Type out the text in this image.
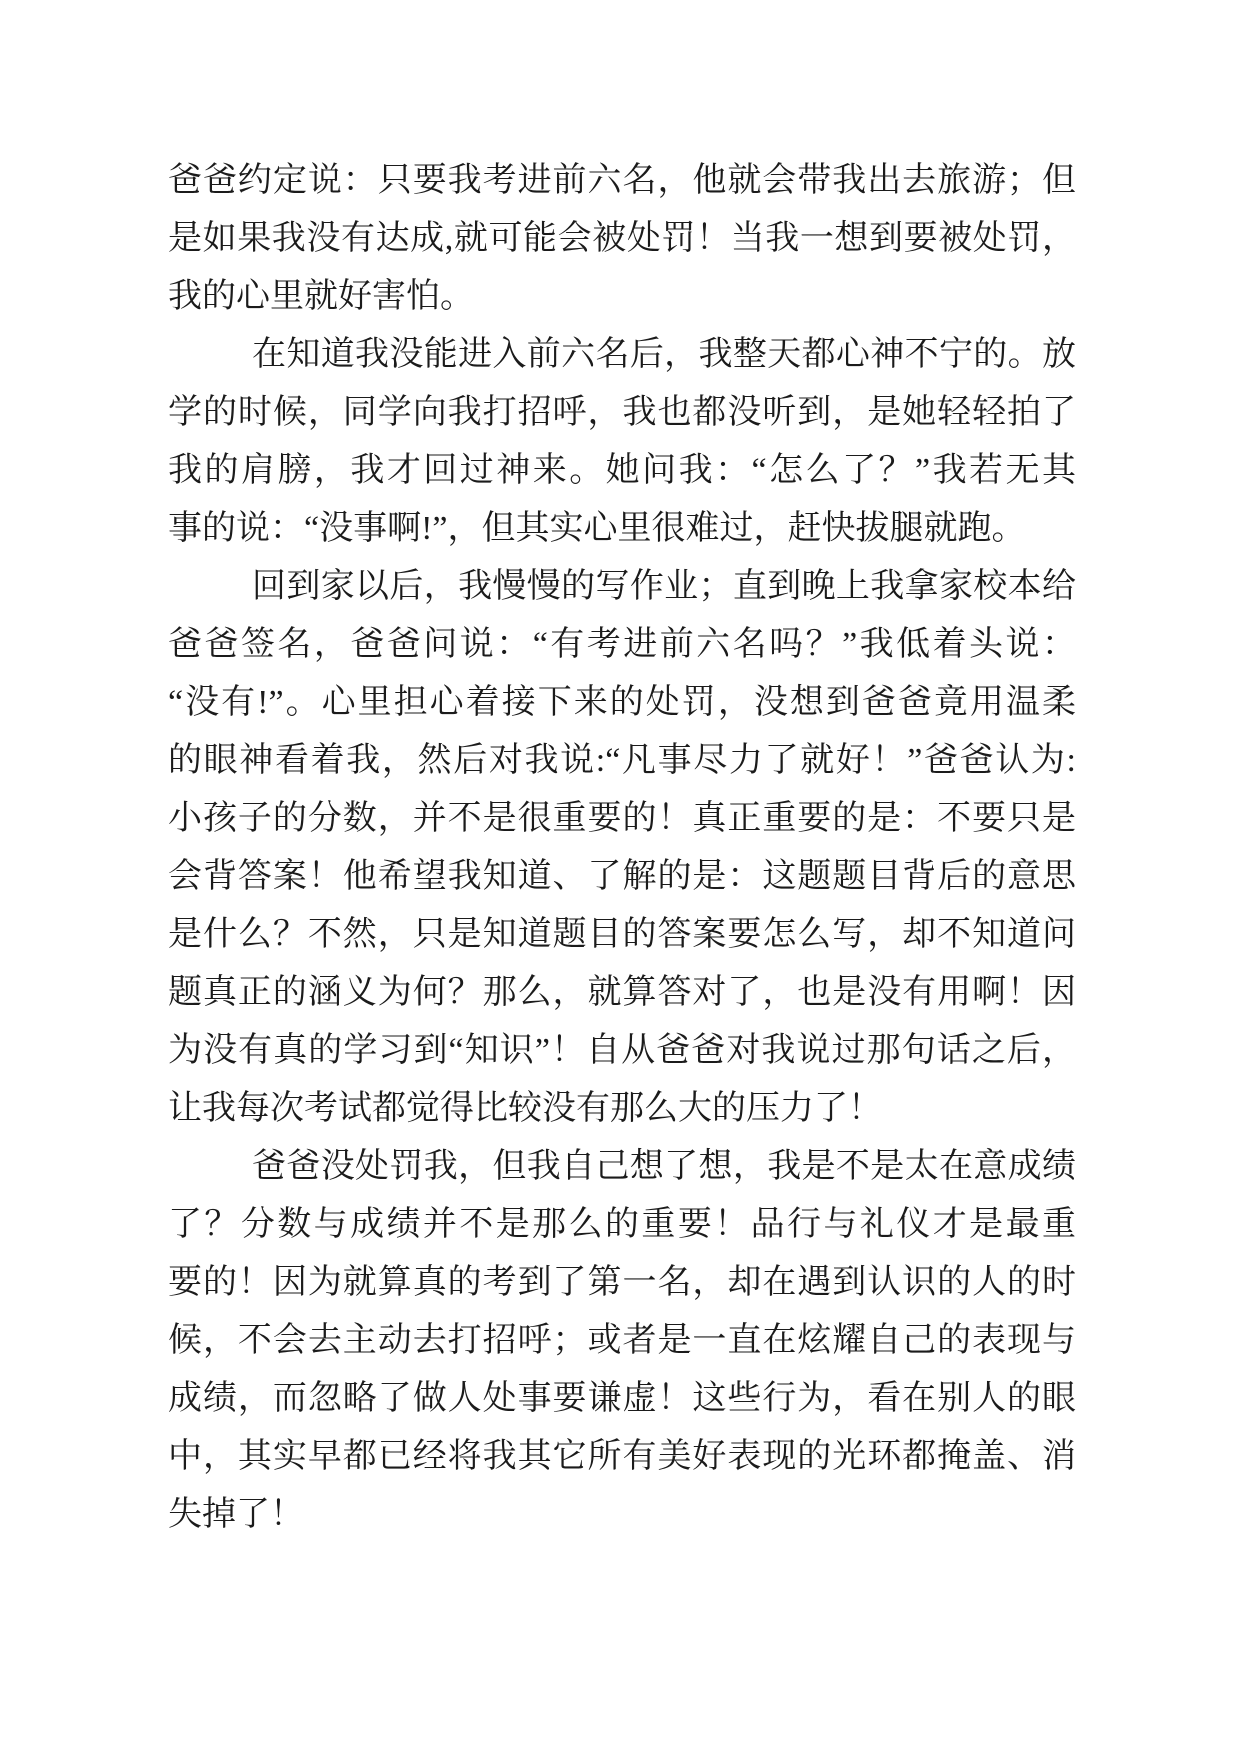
爸爸约定说：只要我考进前六名，他就会带我出去旅游；但
是如果我没有达成,就可能会被处罚！当我一想到要被处罚，
我的心里就好害怕。
在知道我没能进入前六名后，我整天都心神不宁的。放
学的时候，同学向我打招呼，我也都没听到，是她轻轻拍了
我的肩膀，我才回过神来。她问我：“怎么了？”我若无其
事的说：“没事啊!”，但其实心里很难过，赶快拔腿就跑。
回到家以后，我慢慢的写作业；直到晚上我拿家校本给
爸爸签名，爸爸问说：“有考进前六名吗？”我低着头说：
“没有!”。心里担心着接下来的处罚，没想到爸爸竟用温柔
的眼神看着我，然后对我说:“凡事尽力了就好！”爸爸认为:
小孩子的分数，并不是很重要的！真正重要的是：不要只是
会背答案！他希望我知道、了解的是：这题题目背后的意思
是什么？不然，只是知道题目的答案要怎么写，却不知道问
题真正的涵义为何？那么，就算答对了，也是没有用啊！因
为没有真的学习到“知识”！自从爸爸对我说过那句话之后，
让我每次考试都觉得比较没有那么大的压力了！
爸爸没处罚我，但我自己想了想，我是不是太在意成绩
了？分数与成绩并不是那么的重要！品行与礼仪才是最重
要的！因为就算真的考到了第一名，却在遇到认识的人的时
候，不会去主动去打招呼；或者是一直在炫耀自己的表现与
成绩，而忽略了做人处事要谦虚！这些行为，看在别人的眼
中，其实早都已经将我其它所有美好表现的光环都掩盖、消
失掉了！
